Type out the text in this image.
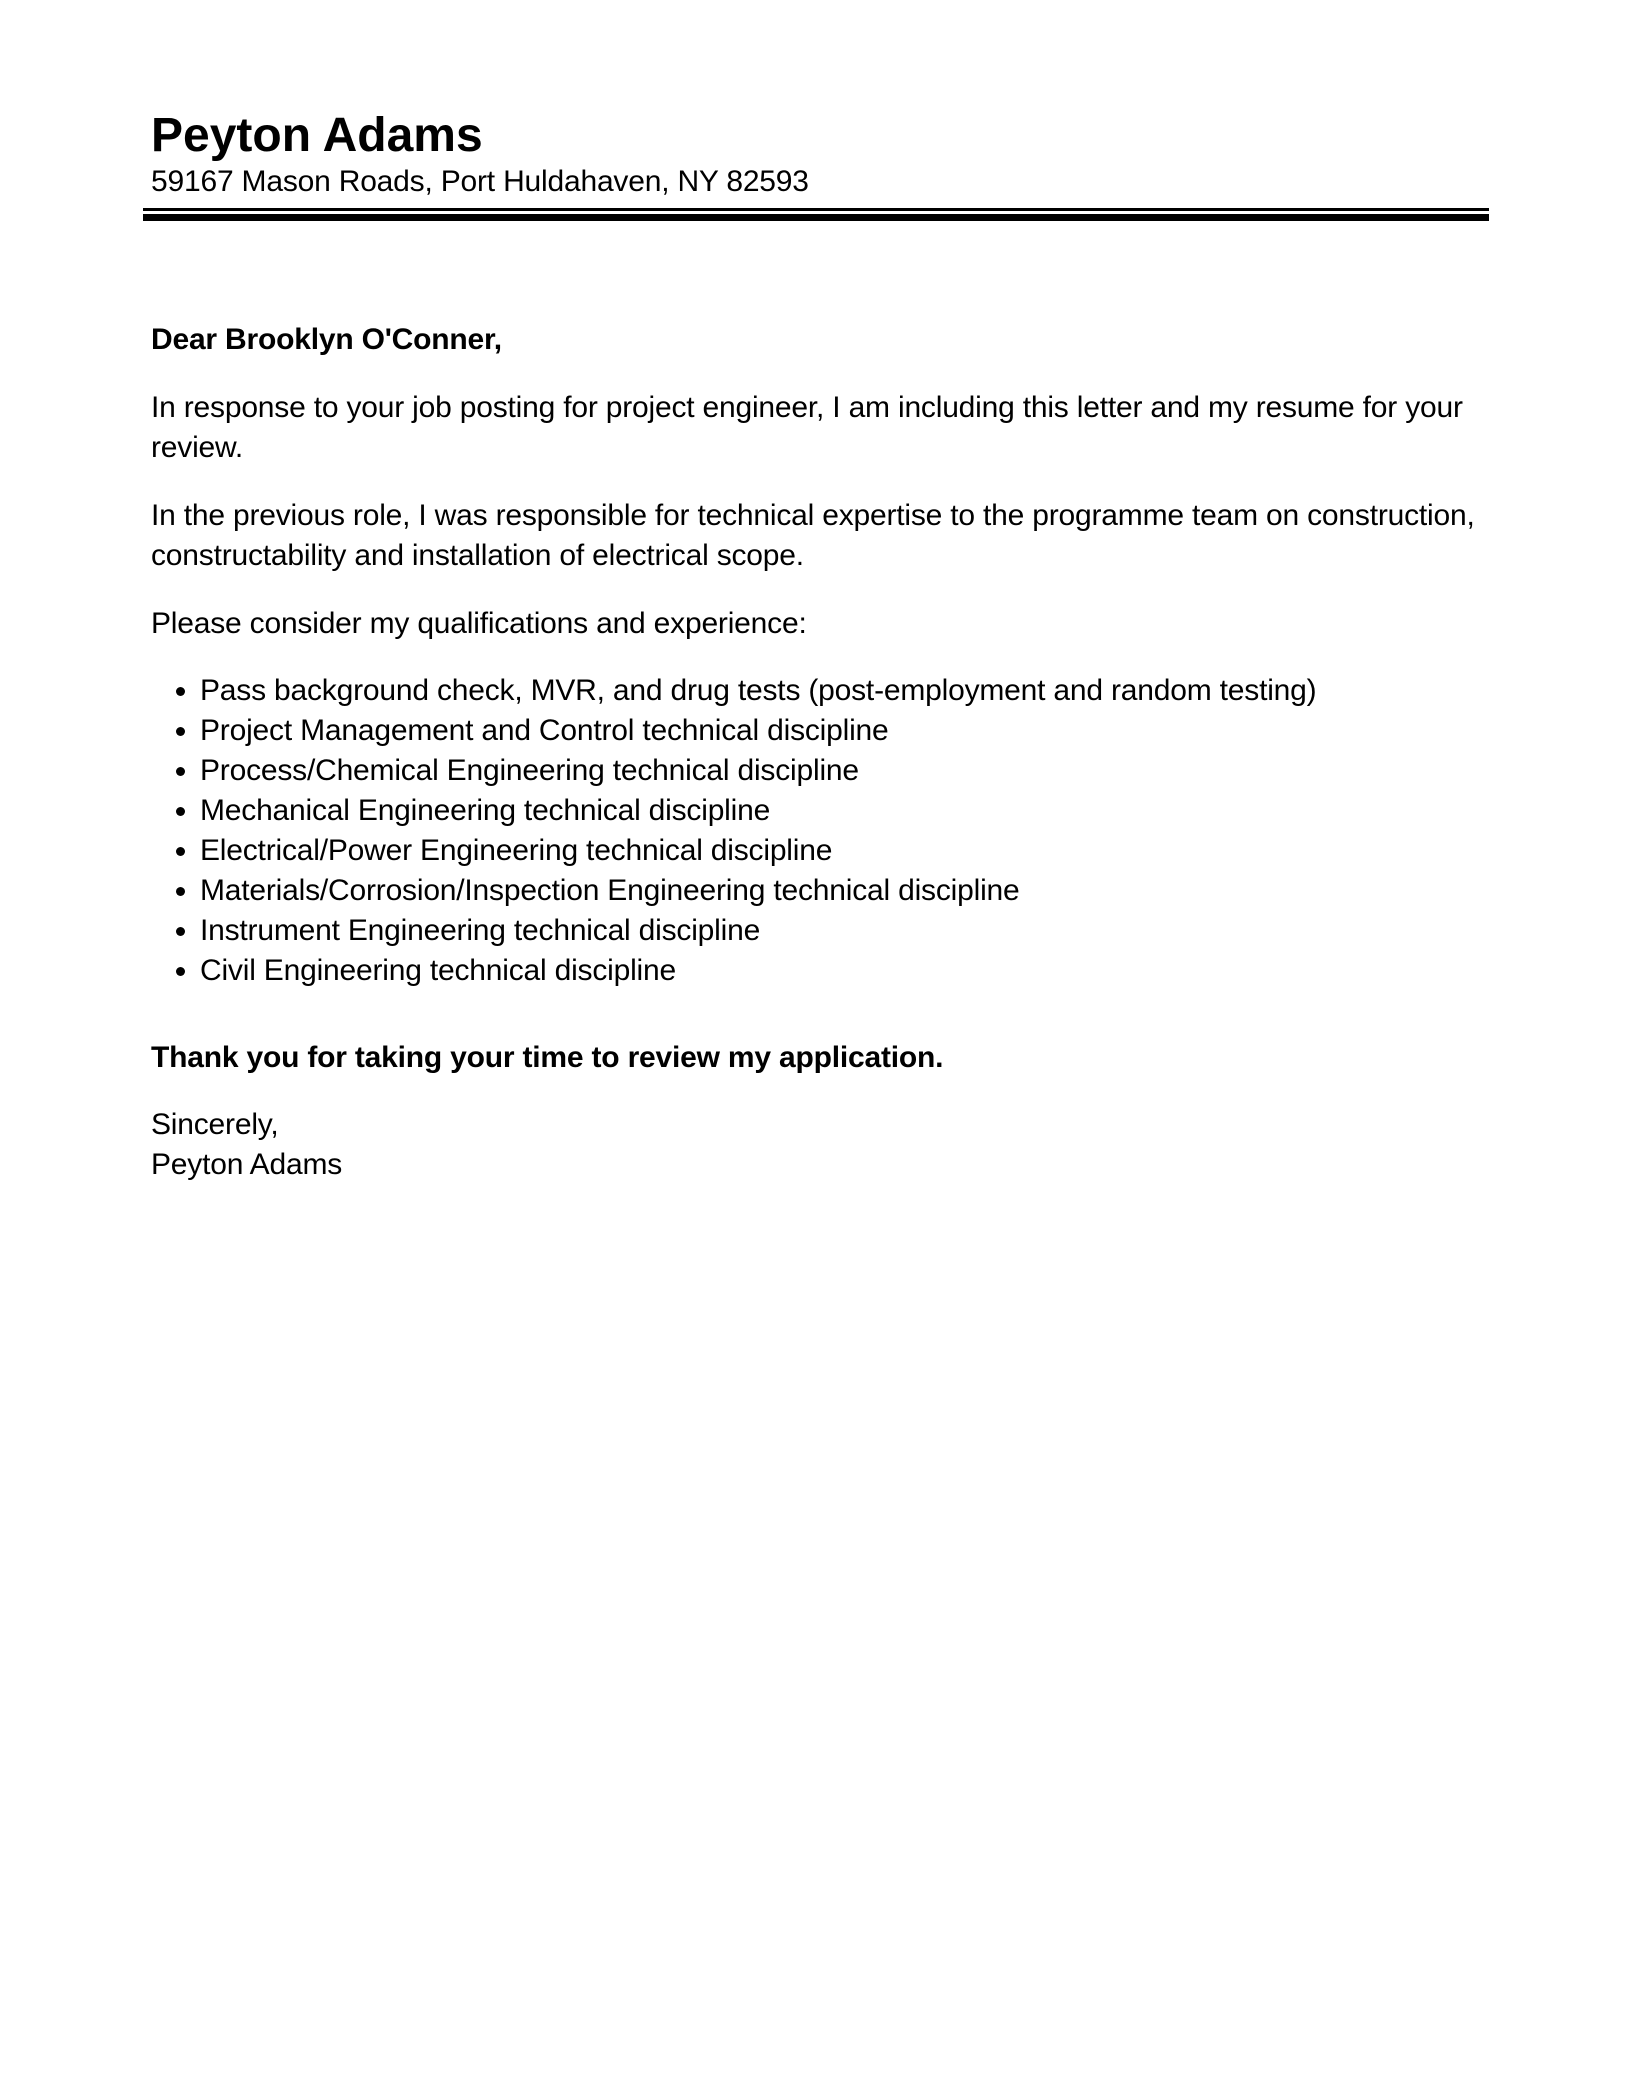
Peyton Adams
59167 Mason Roads, Port Huldahaven, NY 82593
Dear Brooklyn O'Conner,
In response to your job posting for project engineer, I am including this letter and my resume for your review.
In the previous role, I was responsible for technical expertise to the programme team on construction, constructability and installation of electrical scope.
Please consider my qualifications and experience:
• Pass background check, MVR, and drug tests (post-employment and random testing)
• Project Management and Control technical discipline
• Process/Chemical Engineering technical discipline
• Mechanical Engineering technical discipline
• Electrical/Power Engineering technical discipline
• Materials/Corrosion/Inspection Engineering technical discipline
• Instrument Engineering technical discipline
• Civil Engineering technical discipline
Thank you for taking your time to review my application.
Sincerely,
Peyton Adams
